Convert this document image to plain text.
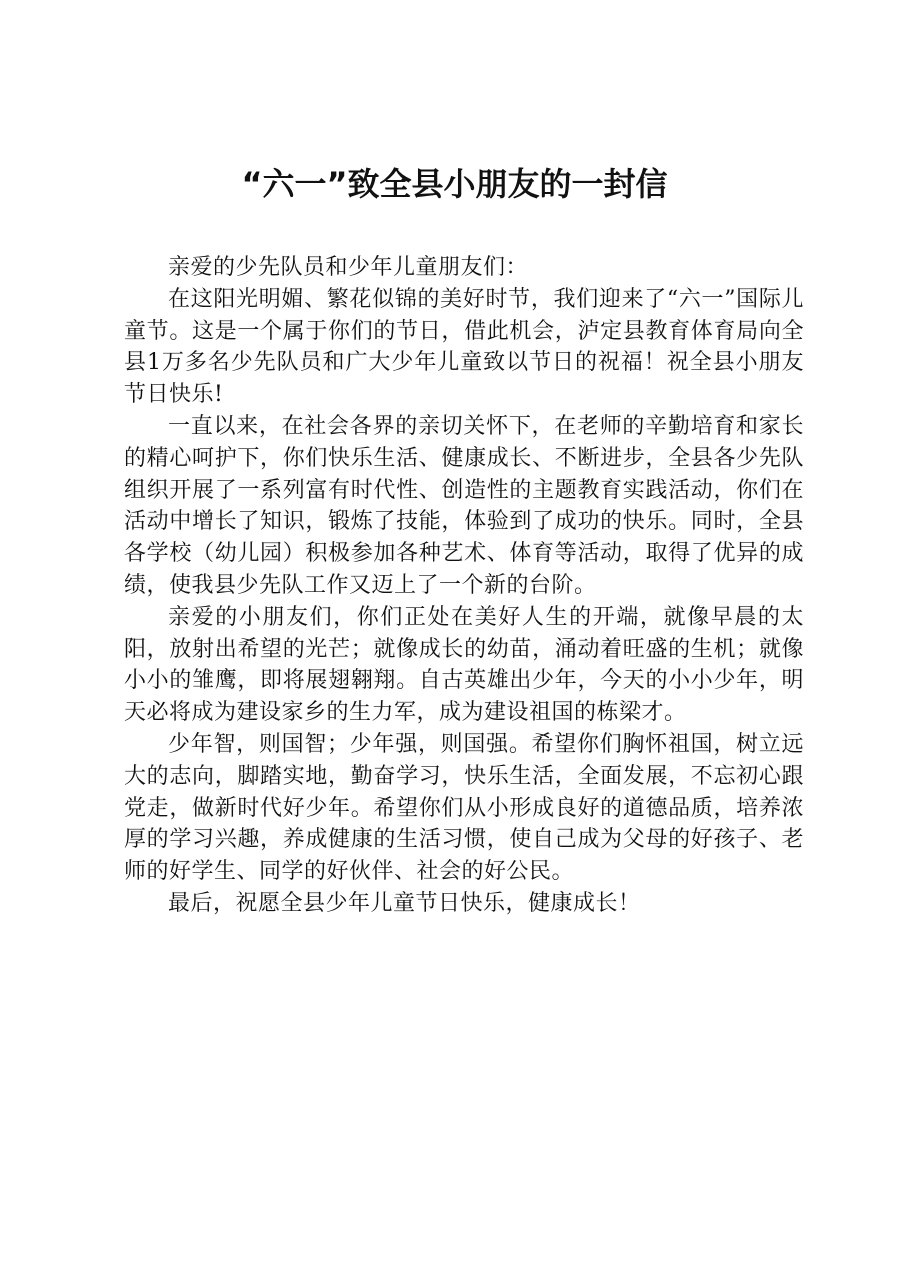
“六一”致全县小朋友的一封信

亲爱的少先队员和少年儿童朋友们：

在这阳光明媚、繁花似锦的美好时节，我们迎来了“六一”国际儿童节。这是一个属于你们的节日，借此机会，泸定县教育体育局向全县1万多名少先队员和广大少年儿童致以节日的祝福！祝全县小朋友节日快乐!

一直以来，在社会各界的亲切关怀下，在老师的辛勤培育和家长的精心呵护下，你们快乐生活、健康成长、不断进步，全县各少先队组织开展了一系列富有时代性、创造性的主题教育实践活动，你们在活动中增长了知识，锻炼了技能，体验到了成功的快乐。同时，全县各学校（幼儿园）积极参加各种艺术、体育等活动，取得了优异的成绩，使我县少先队工作又迈上了一个新的台阶。

亲爱的小朋友们，你们正处在美好人生的开端，就像早晨的太阳，放射出希望的光芒；就像成长的幼苗，涌动着旺盛的生机；就像小小的雏鹰，即将展翅翱翔。自古英雄出少年，今天的小小少年，明天必将成为建设家乡的生力军，成为建设祖国的栋梁才。

少年智，则国智；少年强，则国强。希望你们胸怀祖国，树立远大的志向，脚踏实地，勤奋学习，快乐生活，全面发展，不忘初心跟党走，做新时代好少年。希望你们从小形成良好的道德品质，培养浓厚的学习兴趣，养成健康的生活习惯，使自己成为父母的好孩子、老师的好学生、同学的好伙伴、社会的好公民。

最后，祝愿全县少年儿童节日快乐，健康成长！
